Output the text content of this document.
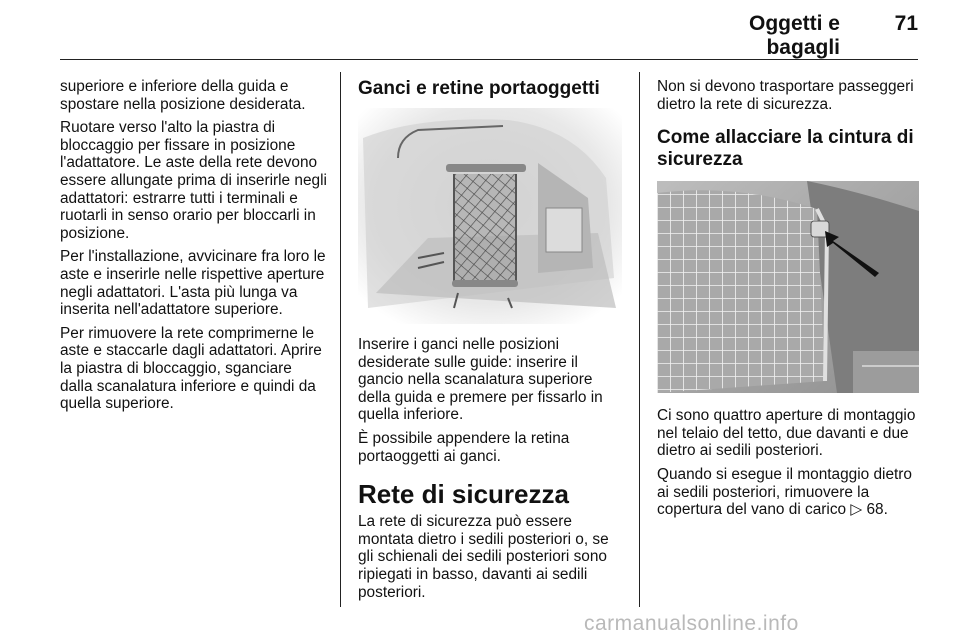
Oggetti e bagagli
71

superiore e inferiore della guida e spostare nella posizione desiderata.

Ruotare verso l'alto la piastra di bloccaggio per fissare in posizione l'adattatore. Le aste della rete devono essere allungate prima di inserirle negli adattatori: estrarre tutti i terminali e ruotarli in senso orario per bloccarli in posizione.

Per l'installazione, avvicinare fra loro le aste e inserirle nelle rispettive aperture negli adattatori. L'asta più lunga va inserita nell'adattatore superiore.

Per rimuovere la rete comprimerne le aste e staccarle dagli adattatori. Aprire la piastra di bloccaggio, sganciare dalla scanalatura inferiore e quindi da quella superiore.

Ganci e retine portaoggetti

Inserire i ganci nelle posizioni desiderate sulle guide: inserire il gancio nella scanalatura superiore della guida e premere per fissarlo in quella inferiore.

È possibile appendere la retina portaoggetti ai ganci.

Rete di sicurezza

La rete di sicurezza può essere montata dietro i sedili posteriori o, se gli schienali dei sedili posteriori sono ripiegati in basso, davanti ai sedili posteriori.

Non si devono trasportare passeggeri dietro la rete di sicurezza.

Come allacciare la cintura di sicurezza

Ci sono quattro aperture di montaggio nel telaio del tetto, due davanti e due dietro ai sedili posteriori.

Quando si esegue il montaggio dietro ai sedili posteriori, rimuovere la copertura del vano di carico ▷ 68.

carmanualsonline.info
